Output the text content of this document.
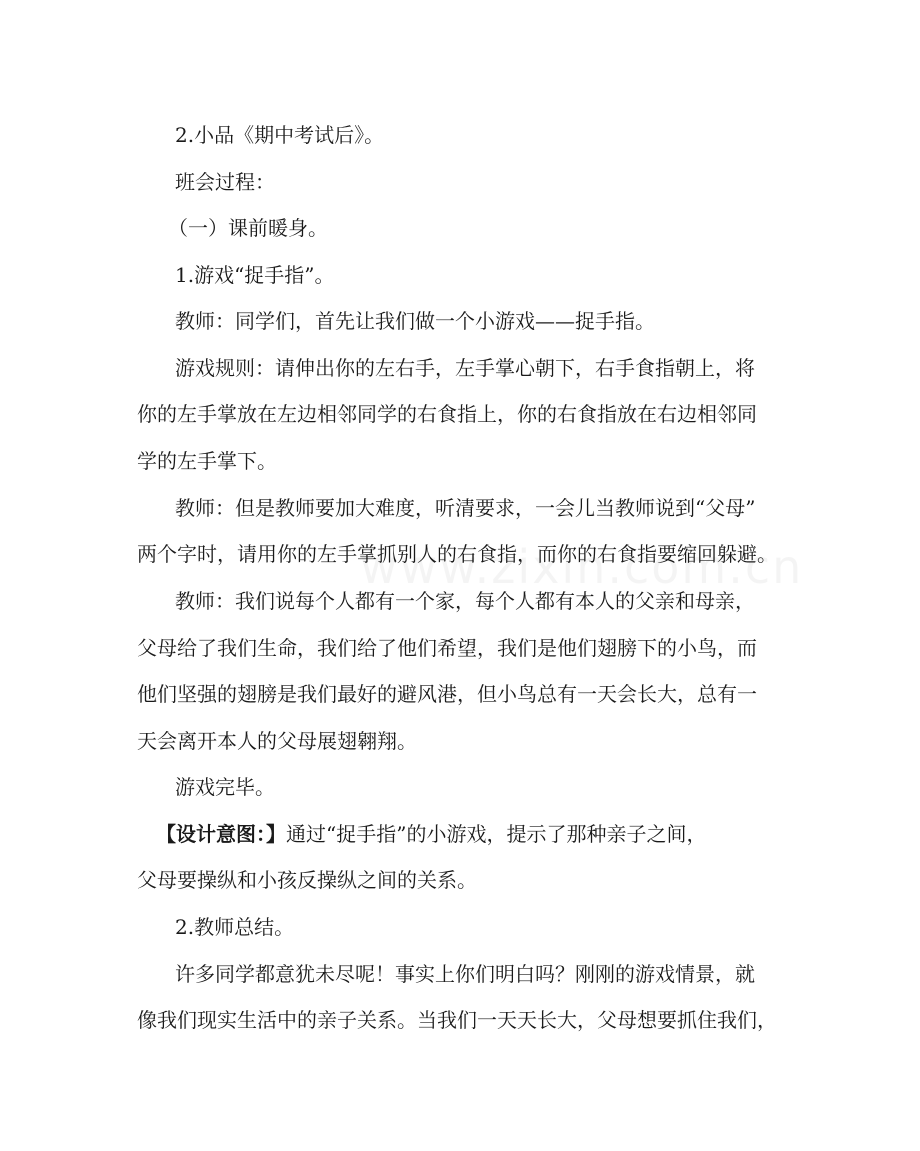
2.小品《期中考试后》。
班会过程：
（一）课前暖身。
1.游戏“捉手指”。
教师：同学们，首先让我们做一个小游戏——捉手指。
游戏规则：请伸出你的左右手，左手掌心朝下，右手食指朝上，将
你的左手掌放在左边相邻同学的右食指上，你的右食指放在右边相邻同
学的左手掌下。
教师：但是教师要加大难度，听清要求，一会儿当教师说到“父母”
两个字时，请用你的左手掌抓别人的右食指，而你的右食指要缩回躲避。
教师：我们说每个人都有一个家，每个人都有本人的父亲和母亲，
父母给了我们生命，我们给了他们希望，我们是他们翅膀下的小鸟，而
他们坚强的翅膀是我们最好的避风港，但小鸟总有一天会长大，总有一
天会离开本人的父母展翅翱翔。
游戏完毕。
【设计意图：】通过“捉手指”的小游戏，提示了那种亲子之间，
父母要操纵和小孩反操纵之间的关系。
2.教师总结。
许多同学都意犹未尽呢！事实上你们明白吗？刚刚的游戏情景，就
像我们现实生活中的亲子关系。当我们一天天长大，父母想要抓住我们，
